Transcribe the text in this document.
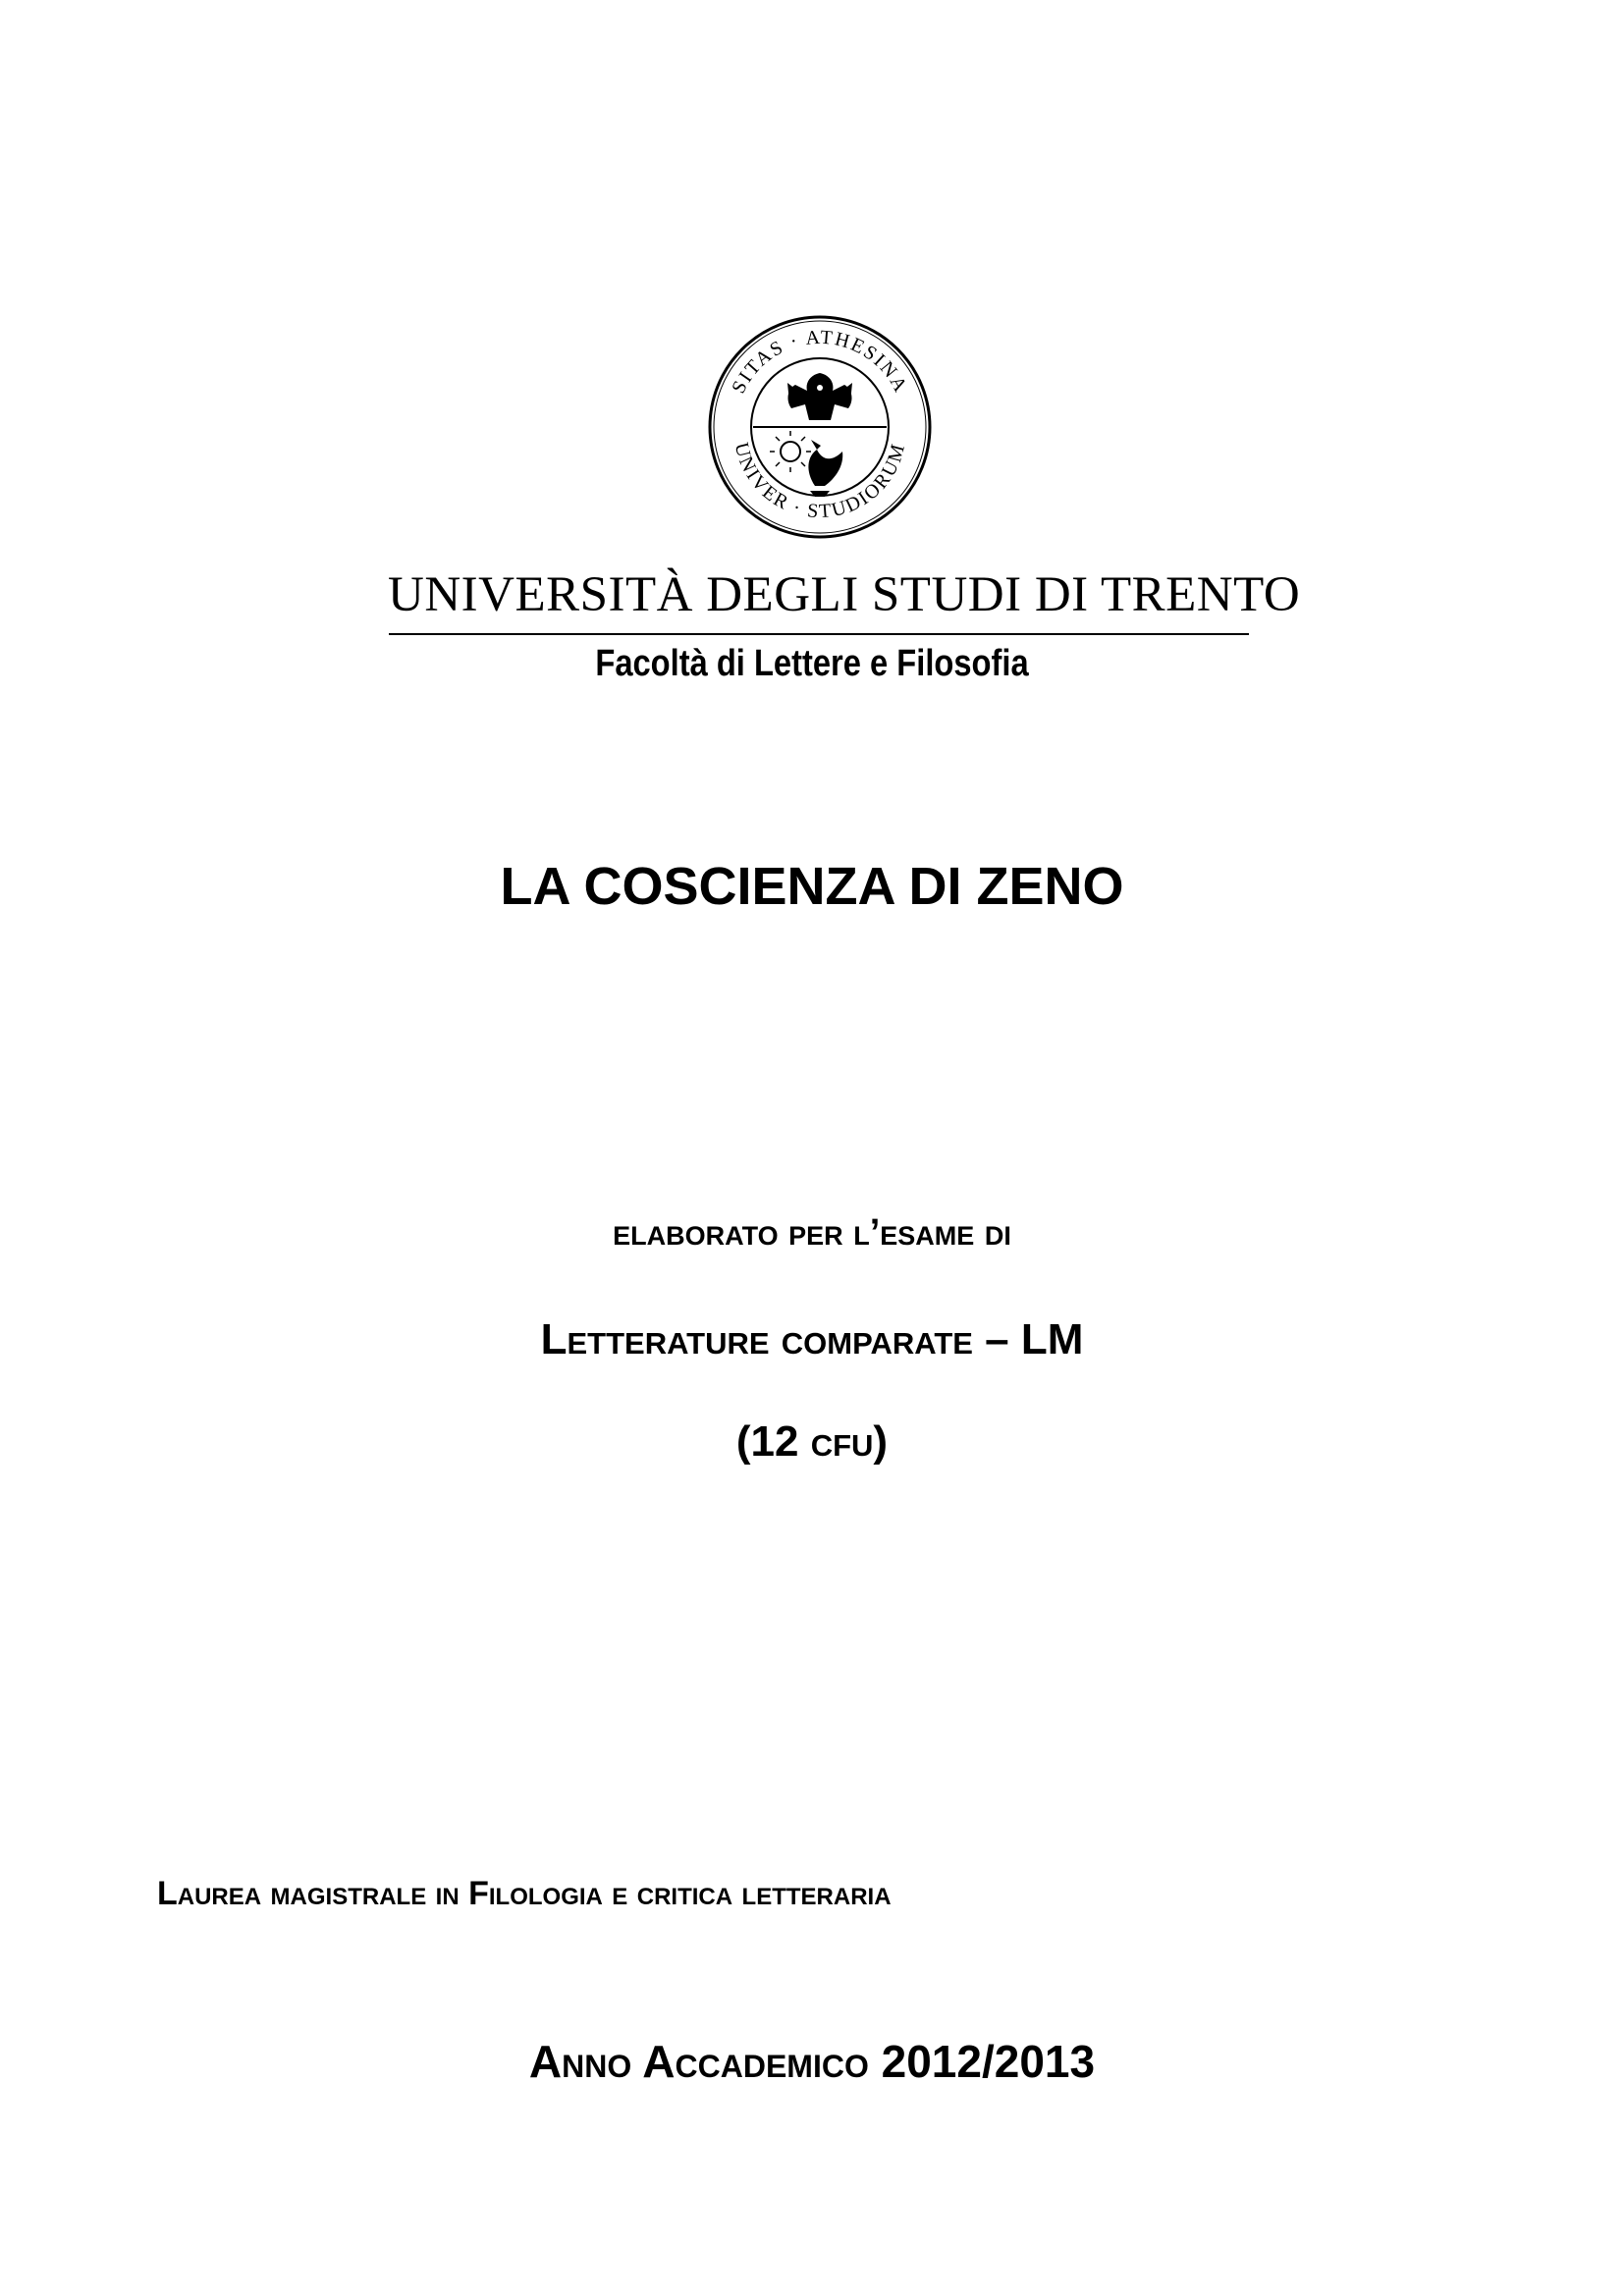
SITAS · ATHESINA
UNIVER · STUDIORUM
UNIVERSITÀ DEGLI STUDI DI TRENTO
Facoltà di Lettere e Filosofia
LA COSCIENZA DI ZENO
elaborato per l’esame di
Letterature comparate – LM
(12 cfu)
Laurea magistrale in Filologia e critica letteraria
Anno Accademico 2012/2013
